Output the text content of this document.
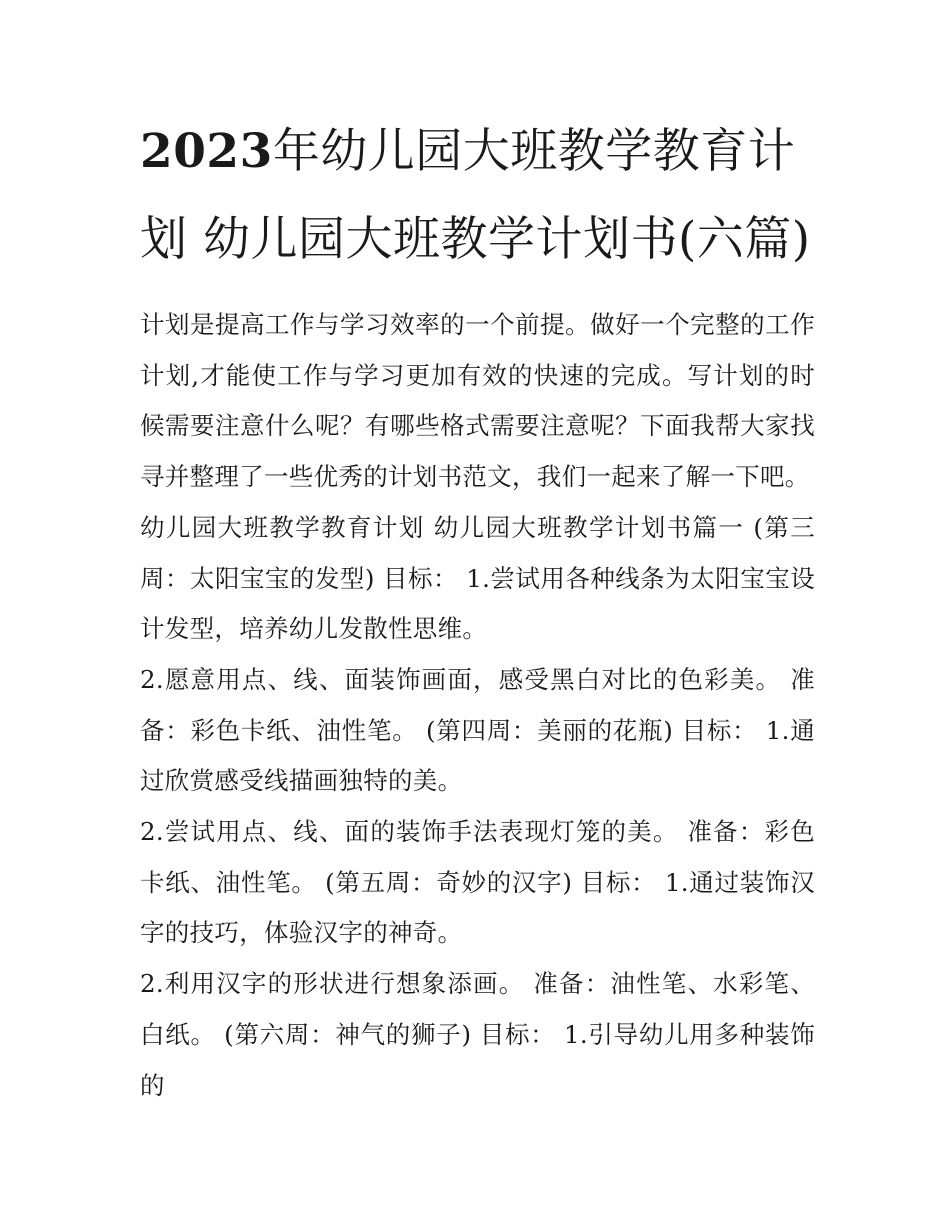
2023年幼儿园大班教学教育计划 幼儿园大班教学计划书(六篇)

计划是提高工作与学习效率的一个前提。做好一个完整的工作计划,才能使工作与学习更加有效的快速的完成。写计划的时候需要注意什么呢？有哪些格式需要注意呢？下面我帮大家找寻并整理了一些优秀的计划书范文，我们一起来了解一下吧。

幼儿园大班教学教育计划 幼儿园大班教学计划书篇一 (第三周：太阳宝宝的发型) 目标： 1.尝试用各种线条为太阳宝宝设计发型，培养幼儿发散性思维。

2.愿意用点、线、面装饰画面，感受黑白对比的色彩美。 准备：彩色卡纸、油性笔。 (第四周：美丽的花瓶) 目标： 1.通过欣赏感受线描画独特的美。

2.尝试用点、线、面的装饰手法表现灯笼的美。 准备：彩色卡纸、油性笔。 (第五周：奇妙的汉字) 目标： 1.通过装饰汉字的技巧，体验汉字的神奇。

2.利用汉字的形状进行想象添画。 准备：油性笔、水彩笔、白纸。 (第六周：神气的狮子) 目标： 1.引导幼儿用多种装饰的
